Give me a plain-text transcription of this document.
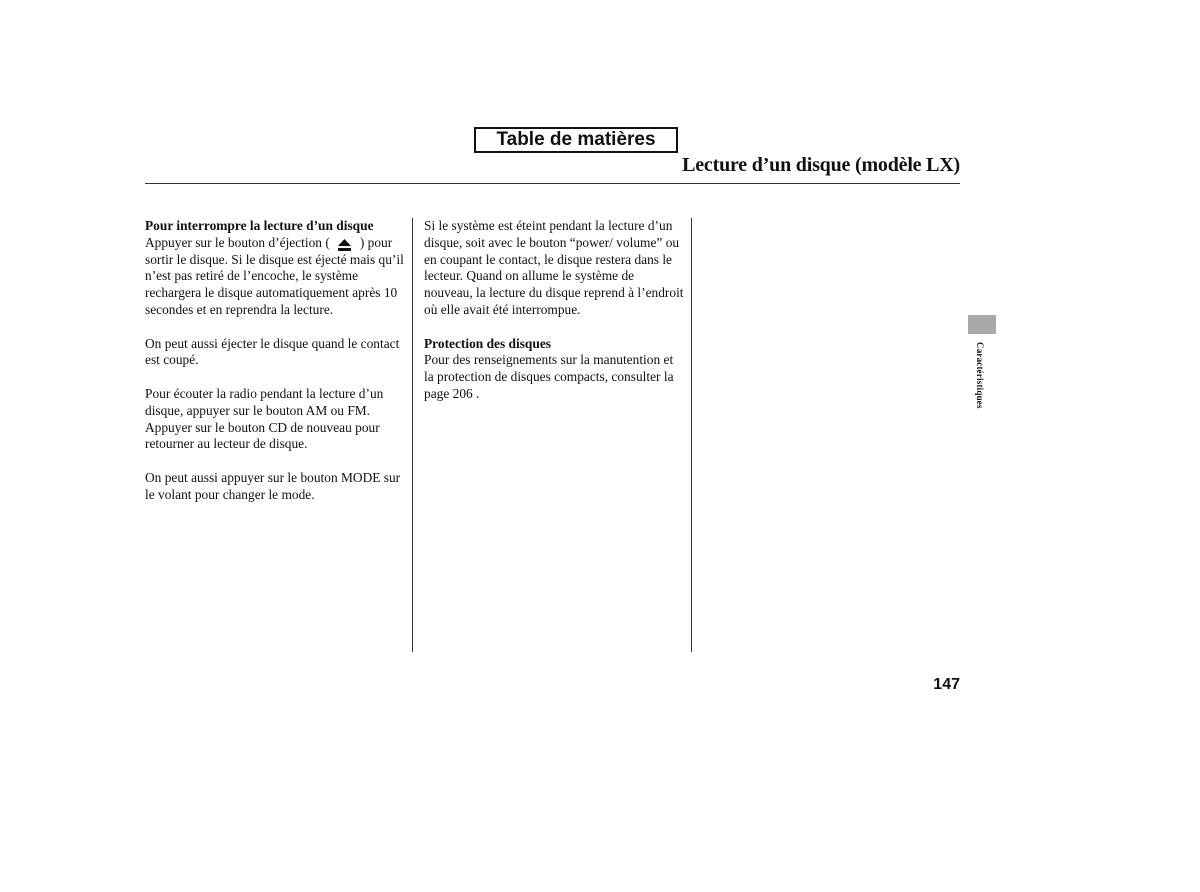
Table de matières
Lecture d’un disque (modèle LX)

Pour interrompre la lecture d’un disque
Appuyer sur le bouton d’éjection ( ) pour sortir le disque. Si le disque est éjecté mais qu’il n’est pas retiré de l’encoche, le système rechargera le disque automatiquement après 10 secondes et en reprendra la lecture.

On peut aussi éjecter le disque quand le contact est coupé.

Pour écouter la radio pendant la lecture d’un disque, appuyer sur le bouton AM ou FM. Appuyer sur le bouton CD de nouveau pour retourner au lecteur de disque.

On peut aussi appuyer sur le bouton MODE sur le volant pour changer le mode.

Si le système est éteint pendant la lecture d’un disque, soit avec le bouton “power/ volume” ou en coupant le contact, le disque restera dans le lecteur. Quand on allume le système de nouveau, la lecture du disque reprend à l’endroit où elle avait été interrompue.

Protection des disques
Pour des renseignements sur la manutention et la protection de disques compacts, consulter la page 206 .	Caractéristiques
147
